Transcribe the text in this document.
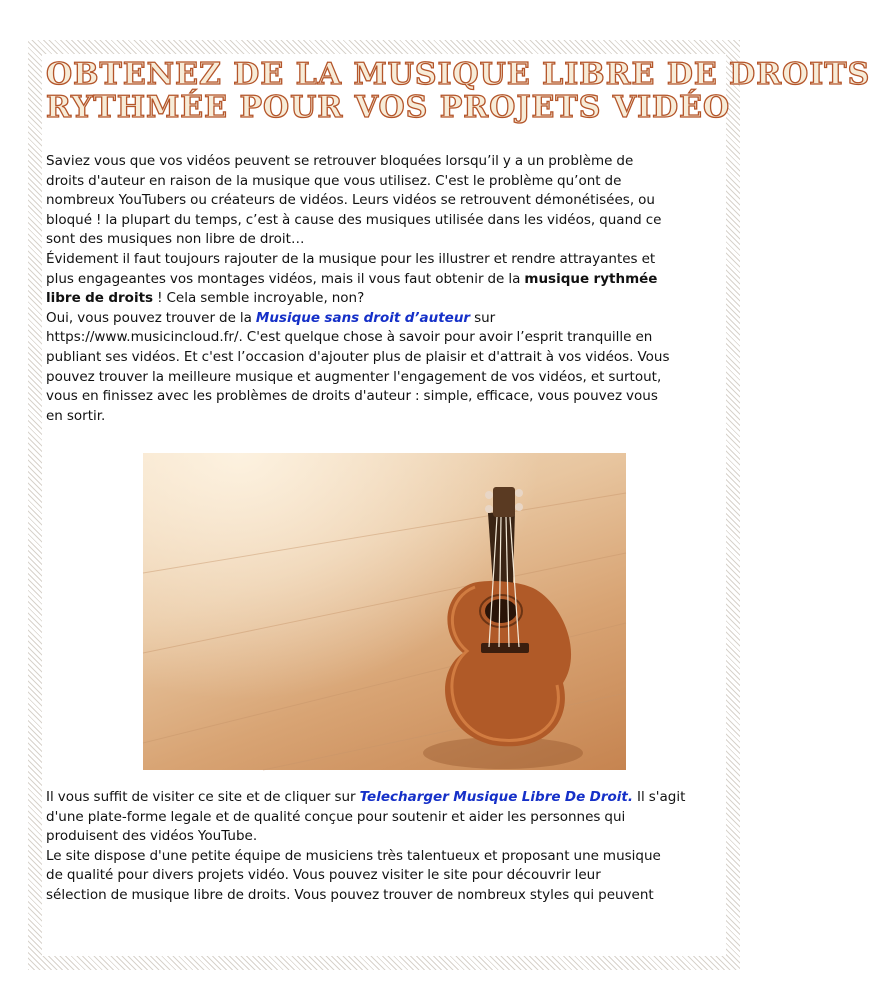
OBTENEZ DE LA MUSIQUE LIBRE DE DROITS
RYTHMÉE POUR VOS PROJETS VIDÉO
Saviez vous que vos vidéos peuvent se retrouver bloquées lorsqu’il y a un problème de
droits d'auteur en raison de la musique que vous utilisez. C'est le problème qu’ont de
nombreux YouTubers ou créateurs de vidéos. Leurs vidéos se retrouvent démonétisées, ou
bloqué ! la plupart du temps, c’est à cause des musiques utilisée dans les vidéos, quand ce
sont des musiques non libre de droit…
Évidement il faut toujours rajouter de la musique pour les illustrer et rendre attrayantes et
plus engageantes vos montages vidéos, mais il vous faut obtenir de la musique rythmée
libre de droits ! Cela semble incroyable, non?
Oui, vous pouvez trouver de la Musique sans droit d’auteur sur
https://www.musicincloud.fr/. C'est quelque chose à savoir pour avoir l’esprit tranquille en
publiant ses vidéos. Et c'est l’occasion d'ajouter plus de plaisir et d'attrait à vos vidéos. Vous
pouvez trouver la meilleure musique et augmenter l'engagement de vos vidéos, et surtout,
vous en finissez avec les problèmes de droits d'auteur : simple, efficace, vous pouvez vous
en sortir.
Il vous suffit de visiter ce site et de cliquer sur Telecharger Musique Libre De Droit. Il s'agit
d'une plate-forme legale et de qualité conçue pour soutenir et aider les personnes qui
produisent des vidéos YouTube.
Le site dispose d'une petite équipe de musiciens très talentueux et proposant une musique
de qualité pour divers projets vidéo. Vous pouvez visiter le site pour découvrir leur
sélection de musique libre de droits. Vous pouvez trouver de nombreux styles qui peuvent
